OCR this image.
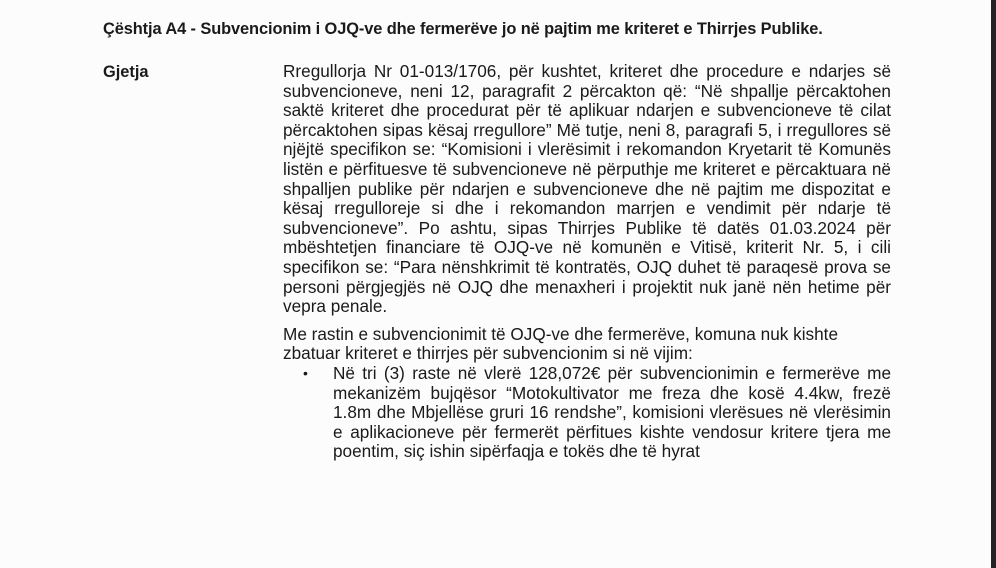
Çështja A4 - Subvencionim i OJQ-ve dhe fermerëve jo në pajtim me kriteret e Thirrjes Publike.
Gjetja	Rregullorja Nr 01-013/1706, për kushtet, kriteret dhe procedure e ndarjes së subvencioneve, neni 12, paragrafit 2 përcakton që: “Në shpallje përcaktohen saktë kriteret dhe procedurat për të aplikuar ndarjen e subvencioneve të cilat përcaktohen sipas kësaj rregullore” Më tutje, neni 8, paragrafi 5, i rregullores së njëjtë specifikon se: “Komisioni i vlerësimit i rekomandon Kryetarit të Komunës listën e përfituesve të subvencioneve në përputhje me kriteret e përcaktuara në shpalljen publike për ndarjen e subvencioneve dhe në pajtim me dispozitat e kësaj rregulloreje si dhe i rekomandon marrjen e vendimit për ndarje të subvencioneve”. Po ashtu, sipas Thirrjes Publike të datës 01.03.2024 për mbështetjen financiare të OJQ-ve në komunën e Vitisë, kriterit Nr. 5, i cili specifikon se: “Para nënshkrimit të kontratës, OJQ duhet të paraqesë prova se personi përgjegjës në OJQ dhe menaxheri i projektit nuk janë nën hetime për vepra penale.

Me rastin e subvencionimit të OJQ-ve dhe fermerëve, komuna nuk kishte zbatuar kriteret e thirrjes për subvencionim si në vijim:

• Në tri (3) raste në vlerë 128,072€ për subvencionimin e fermerëve me mekanizëm bujqësor “Motokultivator me freza dhe kosë 4.4kw, frezë 1.8m dhe Mbjellëse gruri 16 rendshe”, komisioni vlerësues në vlerësimin e aplikacioneve për fermerët përfitues kishte vendosur kritere tjera me poentim, siç ishin sipërfaqja e tokës dhe të hyrat
